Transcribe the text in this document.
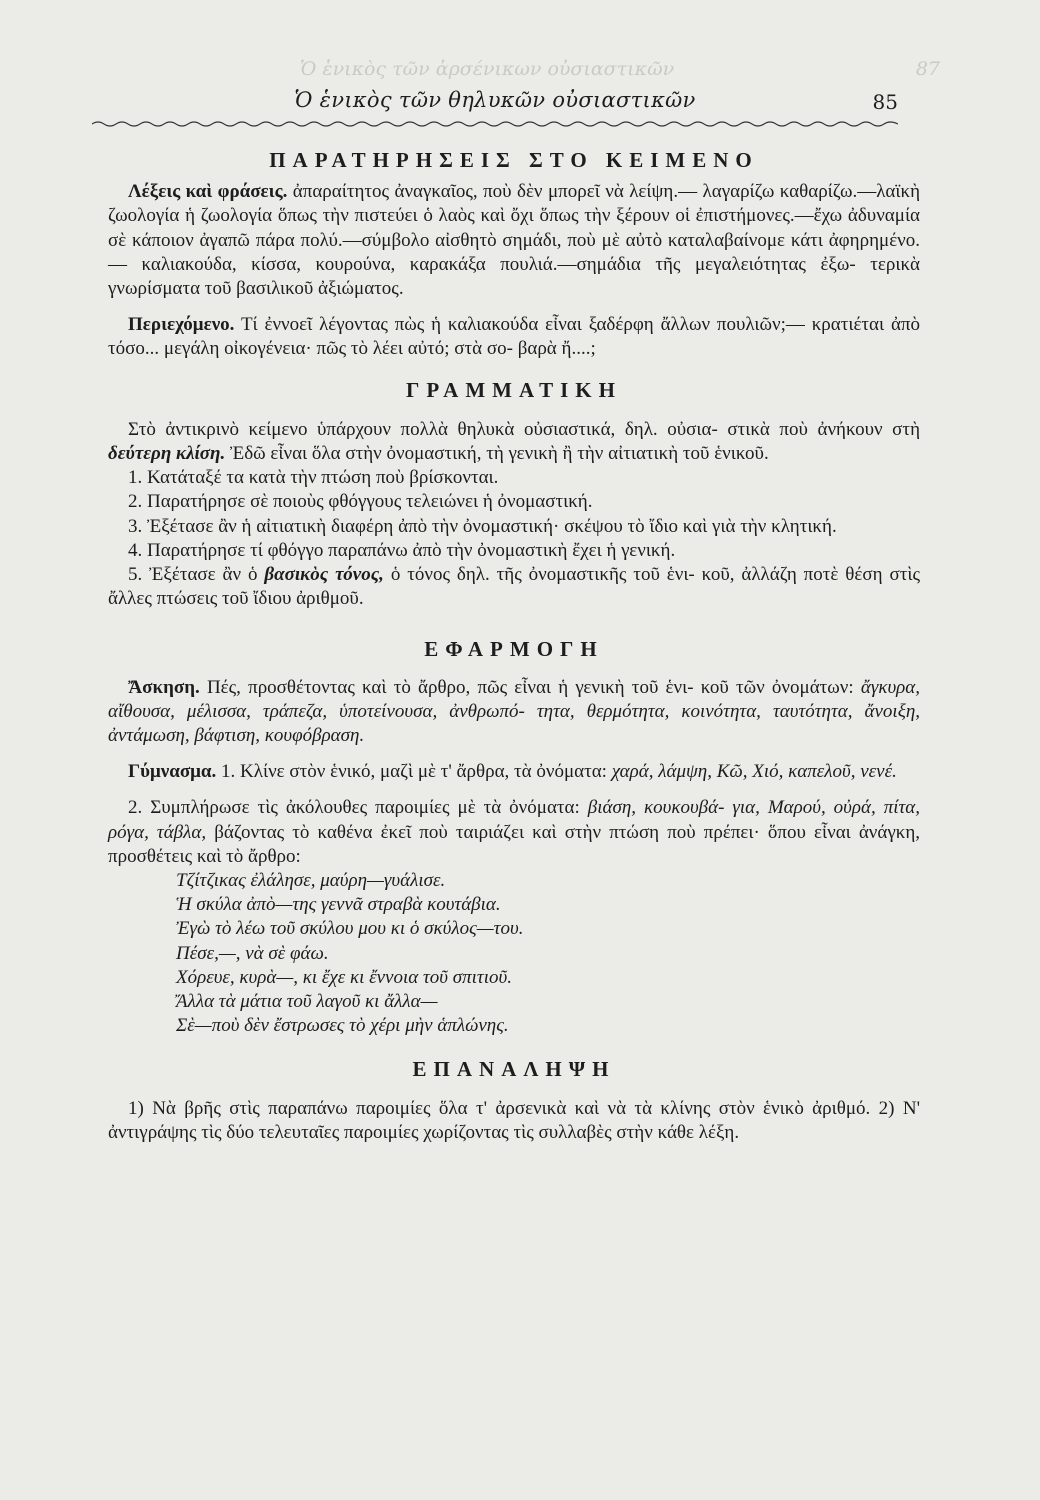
Ὁ ἑνικὸς τῶν ἀρσένικων οὐσιαστικῶν	87
Ὁ ἑνικὸς τῶν θηλυκῶν οὐσιαστικῶν	85
ΠΑΡΑΤΗΡΗΣΕΙΣ ΣΤΟ ΚΕΙΜΕΝΟ

Λέξεις καὶ φράσεις. ἀπαραίτητος ἀναγκαῖος, ποὺ δὲν μπορεῖ νὰ λείψη.— λαγαρίζω καθαρίζω.—λαϊκὴ ζωολογία ἡ ζωολογία ὅπως τὴν πιστεύει ὁ λαὸς καὶ ὄχι ὅπως τὴν ξέρουν οἱ ἐπιστήμονες.—ἔχω ἀδυναμία σὲ κάποιον ἀγαπῶ πάρα πολύ.—σύμβολο αἰσθητὸ σημάδι, ποὺ μὲ αὐτὸ καταλαβαίνομε κάτι ἀφηρημένο.— καλιακούδα, κίσσα, κουρούνα, καρακάξα πουλιά.—σημάδια τῆς μεγαλειότητας ἐξω- τερικὰ γνωρίσματα τοῦ βασιλικοῦ ἀξιώματος.

Περιεχόμενο. Τί ἐννοεῖ λέγοντας πὼς ἡ καλιακούδα εἶναι ξαδέρφη ἄλλων πουλιῶν;— κρατιέται ἀπὸ τόσο... μεγάλη οἰκογένεια· πῶς τὸ λέει αὐτό; στὰ σο- βαρὰ ἤ....;

ΓΡΑΜΜΑΤΙΚΗ

Στὸ ἀντικρινὸ κείμενο ὑπάρχουν πολλὰ θηλυκὰ οὐσιαστικά, δηλ. οὐσια- στικὰ ποὺ ἀνήκουν στὴ δεύτερη κλίση. Ἐδῶ εἶναι ὅλα στὴν ὀνομαστική, τὴ γενικὴ ἢ τὴν αἰτιατικὴ τοῦ ἑνικοῦ.

1. Κατάταξέ τα κατὰ τὴν πτώση ποὺ βρίσκονται.

2. Παρατήρησε σὲ ποιοὺς φθόγγους τελειώνει ἡ ὀνομαστική.

3. Ἐξέτασε ἂν ἡ αἰτιατικὴ διαφέρη ἀπὸ τὴν ὀνομαστική· σκέψου τὸ ἴδιο καὶ γιὰ τὴν κλητική.

4. Παρατήρησε τί φθόγγο παραπάνω ἀπὸ τὴν ὀνομαστικὴ ἔχει ἡ γενική.

5. Ἐξέτασε ἂν ὁ βασικὸς τόνος, ὁ τόνος δηλ. τῆς ὀνομαστικῆς τοῦ ἑνι- κοῦ, ἀλλάζη ποτὲ θέση στὶς ἄλλες πτώσεις τοῦ ἴδιου ἀριθμοῦ.

ΕΦΑΡΜΟΓΗ

Ἄσκηση. Πές, προσθέτοντας καὶ τὸ ἄρθρο, πῶς εἶναι ἡ γενικὴ τοῦ ἑνι- κοῦ τῶν ὀνομάτων: ἄγκυρα, αἴθουσα, μέλισσα, τράπεζα, ὑποτείνουσα, ἀνθρωπό- τητα, θερμότητα, κοινότητα, ταυτότητα, ἄνοιξη, ἀντάμωση, βάφτιση, κουφόβραση.

Γύμνασμα. 1. Κλίνε στὸν ἑνικό, μαζὶ μὲ τ' ἄρθρα, τὰ ὀνόματα: χαρά, λάμψη, Κῶ, Χιό, καπελοῦ, νενέ.

2. Συμπλήρωσε τὶς ἀκόλουθες παροιμίες μὲ τὰ ὀνόματα: βιάση, κουκουβά- για, Μαρού, οὐρά, πίτα, ρόγα, τάβλα, βάζοντας τὸ καθένα ἐκεῖ ποὺ ταιριάζει καὶ στὴν πτώση ποὺ πρέπει· ὅπου εἶναι ἀνάγκη, προσθέτεις καὶ τὸ ἄρθρο:

Τζίτζικας ἐλάλησε, μαύρη—γυάλισε.
Ἡ σκύλα ἀπὸ—της γεννᾶ στραβὰ κουτάβια.
Ἐγὼ τὸ λέω τοῦ σκύλου μου κι ὁ σκύλος—του.
Πέσε,—, νὰ σὲ φάω.
Χόρευε, κυρὰ—, κι ἔχε κι ἔννοια τοῦ σπιτιοῦ.
Ἄλλα τὰ μάτια τοῦ λαγοῦ κι ἄλλα—
Σὲ—ποὺ δὲν ἔστρωσες τὸ χέρι μὴν ἁπλώνης.
ΕΠΑΝΑΛΗΨΗ

1) Νὰ βρῆς στὶς παραπάνω παροιμίες ὅλα τ' ἀρσενικὰ καὶ νὰ τὰ κλίνης στὸν ἑνικὸ ἀριθμό. 2) Ν' ἀντιγράψης τὶς δύο τελευταῖες παροιμίες χωρίζοντας τὶς συλλαβὲς στὴν κάθε λέξη.
